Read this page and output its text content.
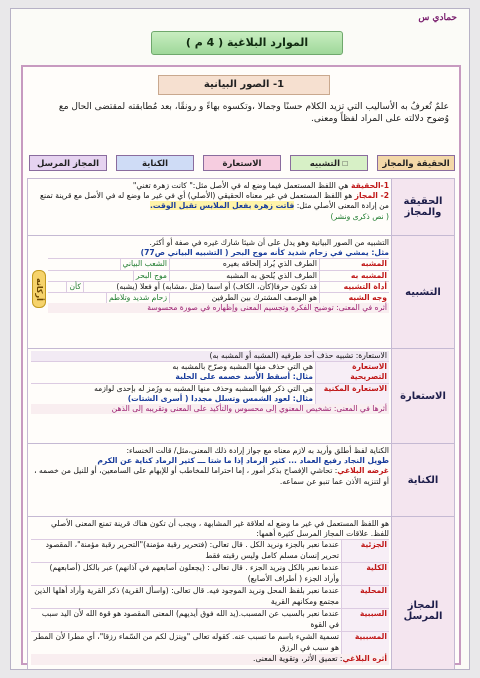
حمادي س
الموارد البلاغية ( 4 م )
1- الصور البيانية
علمٌ تُعرفُ به الأساليب التي تزيد الكلام حسنًا وجمالا ،وتكسوه بهاءً و رونقًا، بعد مُطابقته لمقتضى الحال مع وُضوح دلالته على المراد لفظاً ومعنى.
الحقيقة والمجاز
☐التشبيه
الاستعارة
الكناية
المجاز المرسل
الحقيقة والمجاز

1-الحقيقة هي اللفظ المستعمل فيما وضع له في الأصل مثل:" كانت زهرة تغني"

2- المجاز هو اللفظ المستعمل في غير معناه الحقيقي (الأصلي) أي في غير ما وضع له في الأصل مع قرينة تمنع من إرادة المعنى الأصلي مثل: فاتت زهرة بفعل الملابس تقبل الوقت.

( نص ذكرى ونشر)

التشبيه

التشبيه من الصور البيانية وهو يدل على أن شيئا شارك غيره في صفة أو أكثر.

مثل: يمشي في زحام شديد كأنه موج البحر ( التشبيه البياني ص77)

المشبه
الطرف الذي يُراد إلحاقه بغيره
الشعب البياني
المشبه به
الطرف الذي يُلحق به المشبه
موج البحر
أداة التشبيه
قد تكون حرفا(كأن، الكاف) أو اسما (مثل ،مشابه) أو فعلا (يشبه)
كأن
وجه الشبه
هو الوصف المشترك بين الطرفين
زحام شديد وتلاطم

أثره في المعنى: توضيح الفكرة وتجسيم المعنى وإظهاره في صورة محسوسة

أركانه
الاستعارة

الاستعارة: تشبيه حذف أحد طرفيه (المشبه أو المشبه به)

الاستعارة التصريحية
هي التي حذف منها المشبه وصرّح بالمشبه به
مثال: أسقط الأسد خصمه على الحلبة
الاستعارة المكنية
هي التي ذكر فيها المشبه وحذف منها المشبه به ورُمز له بإحدى لوازمه
مثال: لعود الشمس وتسلل مجددا ( أسرى الشتات)

أثرها في المعنى: تشخيص المعنوي إلى محسوس والتأكيد على المعنى وتقريبه إلى الذهن

الكناية

الكناية لفظ أطلق وأريد به لازم معناه مع جواز إرادة ذلك المعنى،مثل/ قالت الخنساء:

طويل النجاد رفيع العماد ... كثير الرماد إذا ما شتا ـــ كثير الرماد كناية عن الكرم

غرضه البلاغي: تحاشي الإفصاح بذكر أمور ، إما احتراما للمخاطب أو للإبهام على السامعين، أو للنيل من خصمه ، أو لتنزيه الأذن عما تنبو عن سماعه.

المجاز المرسل

هو اللفظ المستعمل في غير ما وضع له لعلاقة غير المشابهة ، ويجب أن تكون هناك قرينة تمنع المعنى الأصلي للفظ. علاقات المجاز المرسل كثيرة أهمها:

الجزئية
عندما نعبر بالجزء ونريد الكل . قال تعالى: (فتحرير رقبة مؤمنة)"التحرير رقبة مؤمنة"، المقصود تحرير إنسان مسلم كامل وليس رقبته فقط
الكلية
عندما نعبر بالكل ونريد الجزء . قال تعالى : (يجعلون أصابعهم في آذانهم) عبر بالكل (أصابعهم) وأراد الجزء ( أطراف الأصابع)
المحلية
عندما نعبر بلفظ المحل ونريد الموجود فيه. قال تعالى: (واسأل القرية) ذكر القرية وأراد أهلها الذين مجتمع ومكانهم القرية
السببية
عندما نعبر بالسبب عن المسبب.(يد الله فوق أيديهم) المعنى المقصود هو قوة الله لأن اليد سبب في القوة
المسببية
تسمية الشيء باسم ما تسبب عنه. كقوله تعالى "وينزل لكم من السّماء رزقا"، أي مطرا لأن المطر هو سبب في الرزق

أثره البلاغي: تعميق الأثر، وتقوية المعنى.
